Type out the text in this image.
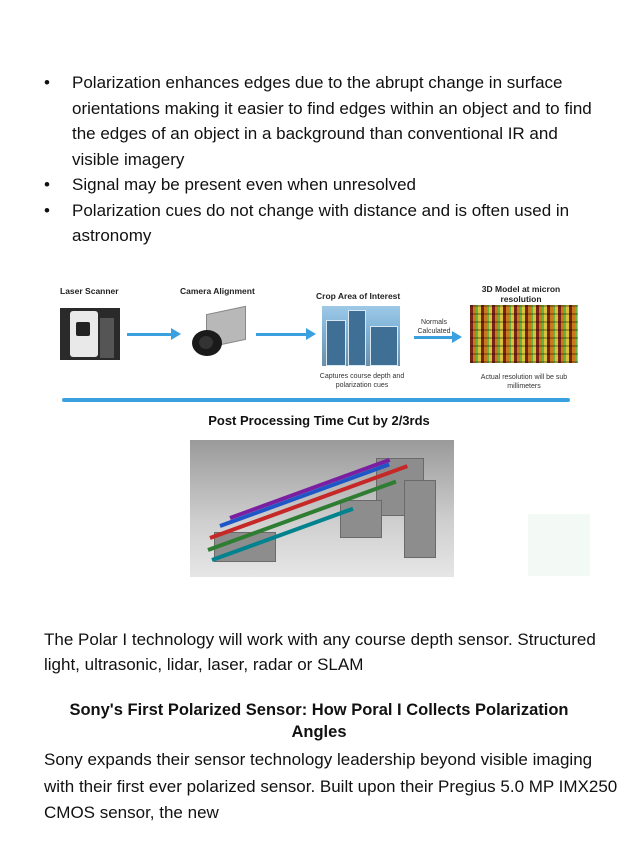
• Polarization enhances edges due to the abrupt change in surface orientations making it easier to find edges within an object and to find the edges of an object in a background than conventional IR and visible imagery
• Signal may be present even when unresolved
• Polarization cues do not change with distance and is often used in astronomy
Laser Scanner	Camera Alignment	Crop Area of Interest
3D Model at micron resolution
Captures course depth and polarization cues
Normals Calculated
Actual resolution will be sub millimeters
Post Processing Time Cut by 2/3rds

The Polar I technology will work with any course depth sensor. Structured light, ultrasonic, lidar, laser, radar or SLAM

Sony's First Polarized Sensor: How Poral I Collects Polarization Angles

Sony expands their sensor technology leadership beyond visible imaging with their first ever polarized sensor. Built upon their Pregius 5.0 MP IMX250 CMOS sensor, the new
